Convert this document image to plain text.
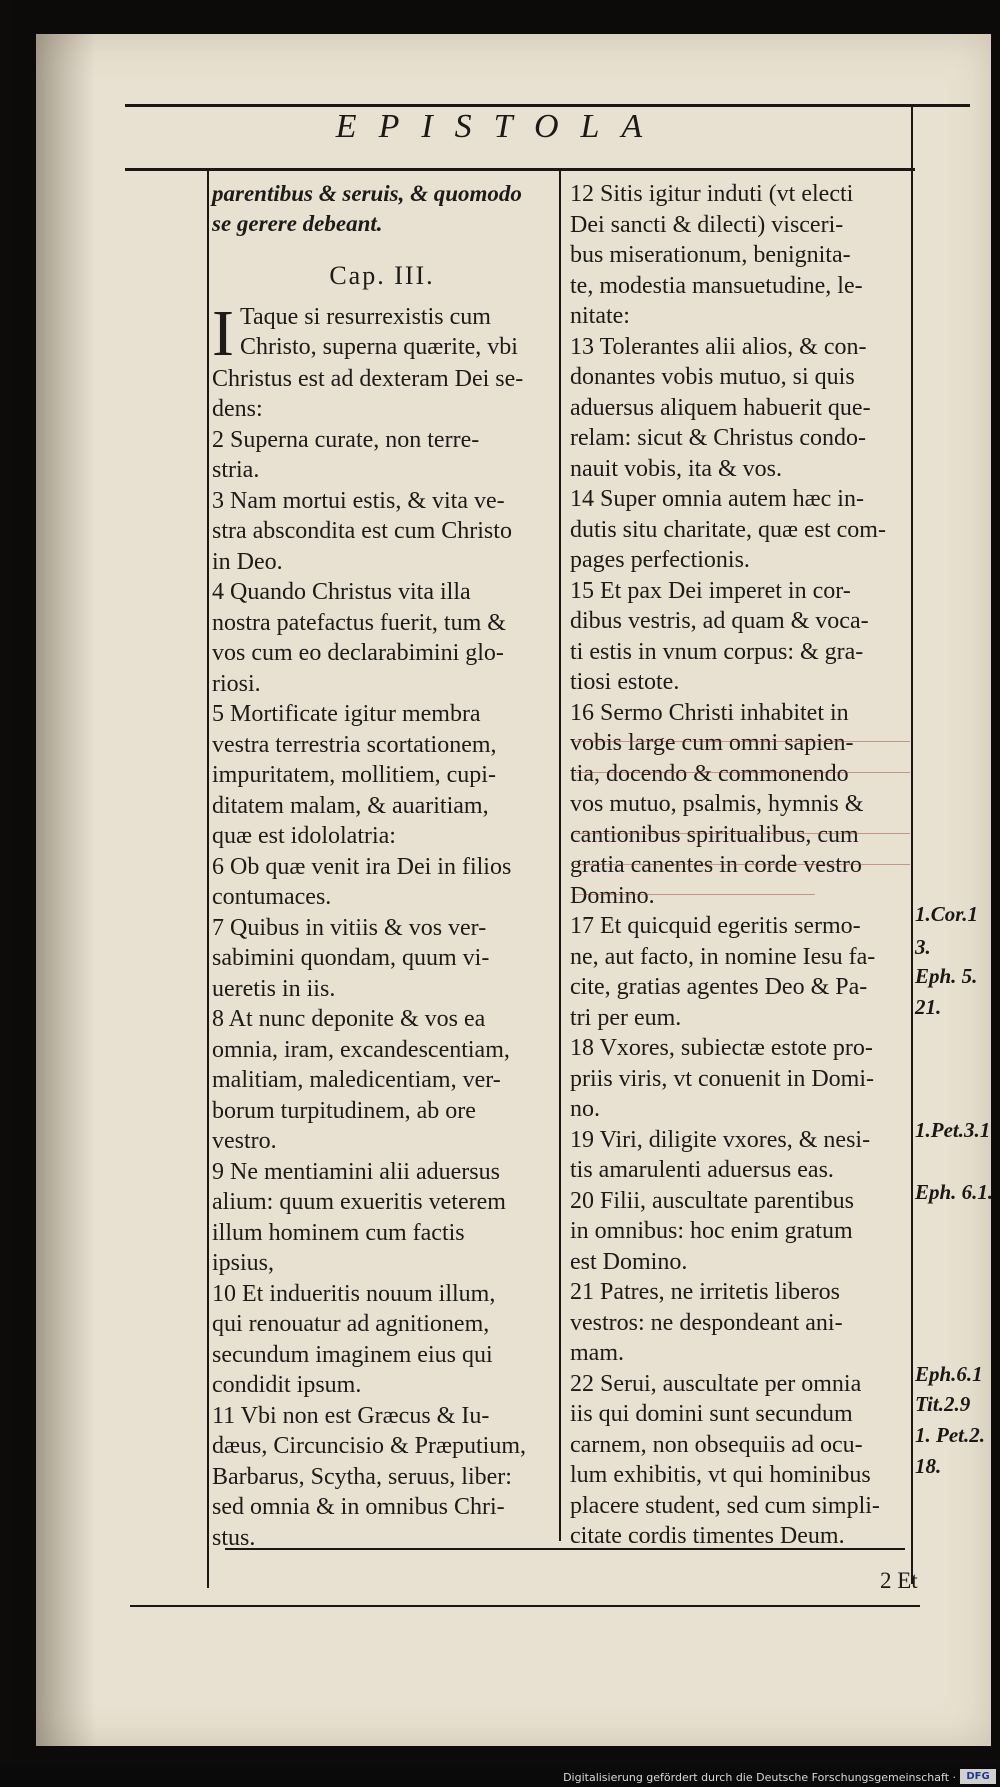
EPISTOLA
parentibus & seruis, & quomodo
se gerere debeant.
Cap. III.
I Taque si resurrexistis cum
Christo, superna quærite, vbi
Christus est ad dexteram Dei se-
dens:
2 Superna curate, non terre-
stria.
3 Nam mortui estis, & vita ve-
stra abscondita est cum Christo
in Deo.
4 Quando Christus vita illa
nostra patefactus fuerit, tum &
vos cum eo declarabimini glo-
riosi.
5 Mortificate igitur membra
vestra terrestria scortationem,
impuritatem, mollitiem, cupi-
ditatem malam, & auaritiam,
quæ est idololatria:
6 Ob quæ venit ira Dei in filios
contumaces.
7 Quibus in vitiis & vos ver-
sabimini quondam, quum vi-
ueretis in iis.
8 At nunc deponite & vos ea
omnia, iram, excandescentiam,
malitiam, maledicentiam, ver-
borum turpitudinem, ab ore
vestro.
9 Ne mentiamini alii aduersus
alium: quum exueritis veterem
illum hominem cum factis
ipsius,
10 Et indueritis nouum illum,
qui renouatur ad agnitionem,
secundum imaginem eius qui
condidit ipsum.
11 Vbi non est Græcus & Iu-
dæus, Circuncisio & Præputium,
Barbarus, Scytha, seruus, liber:
sed omnia & in omnibus Chri-
stus.
12 Sitis igitur induti (vt electi
Dei sancti & dilecti) visceri-
bus miserationum, benignita-
te, modestia mansuetudine, le-
nitate:
13 Tolerantes alii alios, & con-
donantes vobis mutuo, si quis
aduersus aliquem habuerit que-
relam: sicut & Christus condo-
nauit vobis, ita & vos.
14 Super omnia autem hæc in-
dutis situ charitate, quæ est com-
pages perfectionis.
15 Et pax Dei imperet in cor-
dibus vestris, ad quam & voca-
ti estis in vnum corpus: & gra-
tiosi estote.
16 Sermo Christi inhabitet in
vobis large cum omni sapien-
tia, docendo & commonendo
vos mutuo, psalmis, hymnis &
cantionibus spiritualibus, cum
gratia canentes in corde vestro
Domino.
17 Et quicquid egeritis sermo-
ne, aut facto, in nomine Iesu fa-
cite, gratias agentes Deo & Pa-
tri per eum.
18 Vxores, subiectæ estote pro-
priis viris, vt conuenit in Domi-
no.
19 Viri, diligite vxores, & nesi-
tis amarulenti aduersus eas.
20 Filii, auscultate parentibus
in omnibus: hoc enim gratum
est Domino.
21 Patres, ne irritetis liberos
vestros: ne despondeant ani-
mam.
22 Serui, auscultate per omnia
iis qui domini sunt secundum
carnem, non obsequiis ad ocu-
lum exhibitis, vt qui hominibus
placere student, sed cum simpli-
citate cordis timentes Deum.
1.Cor.1
3.
Eph. 5.
21.
1.Pet.3.1
Eph. 6.1.
Eph.6.1
Tit.2.9
1. Pet.2.
18.
2 Et
Digitalisierung gefördert durch die Deutsche Forschungsgemeinschaft ·	DFG
